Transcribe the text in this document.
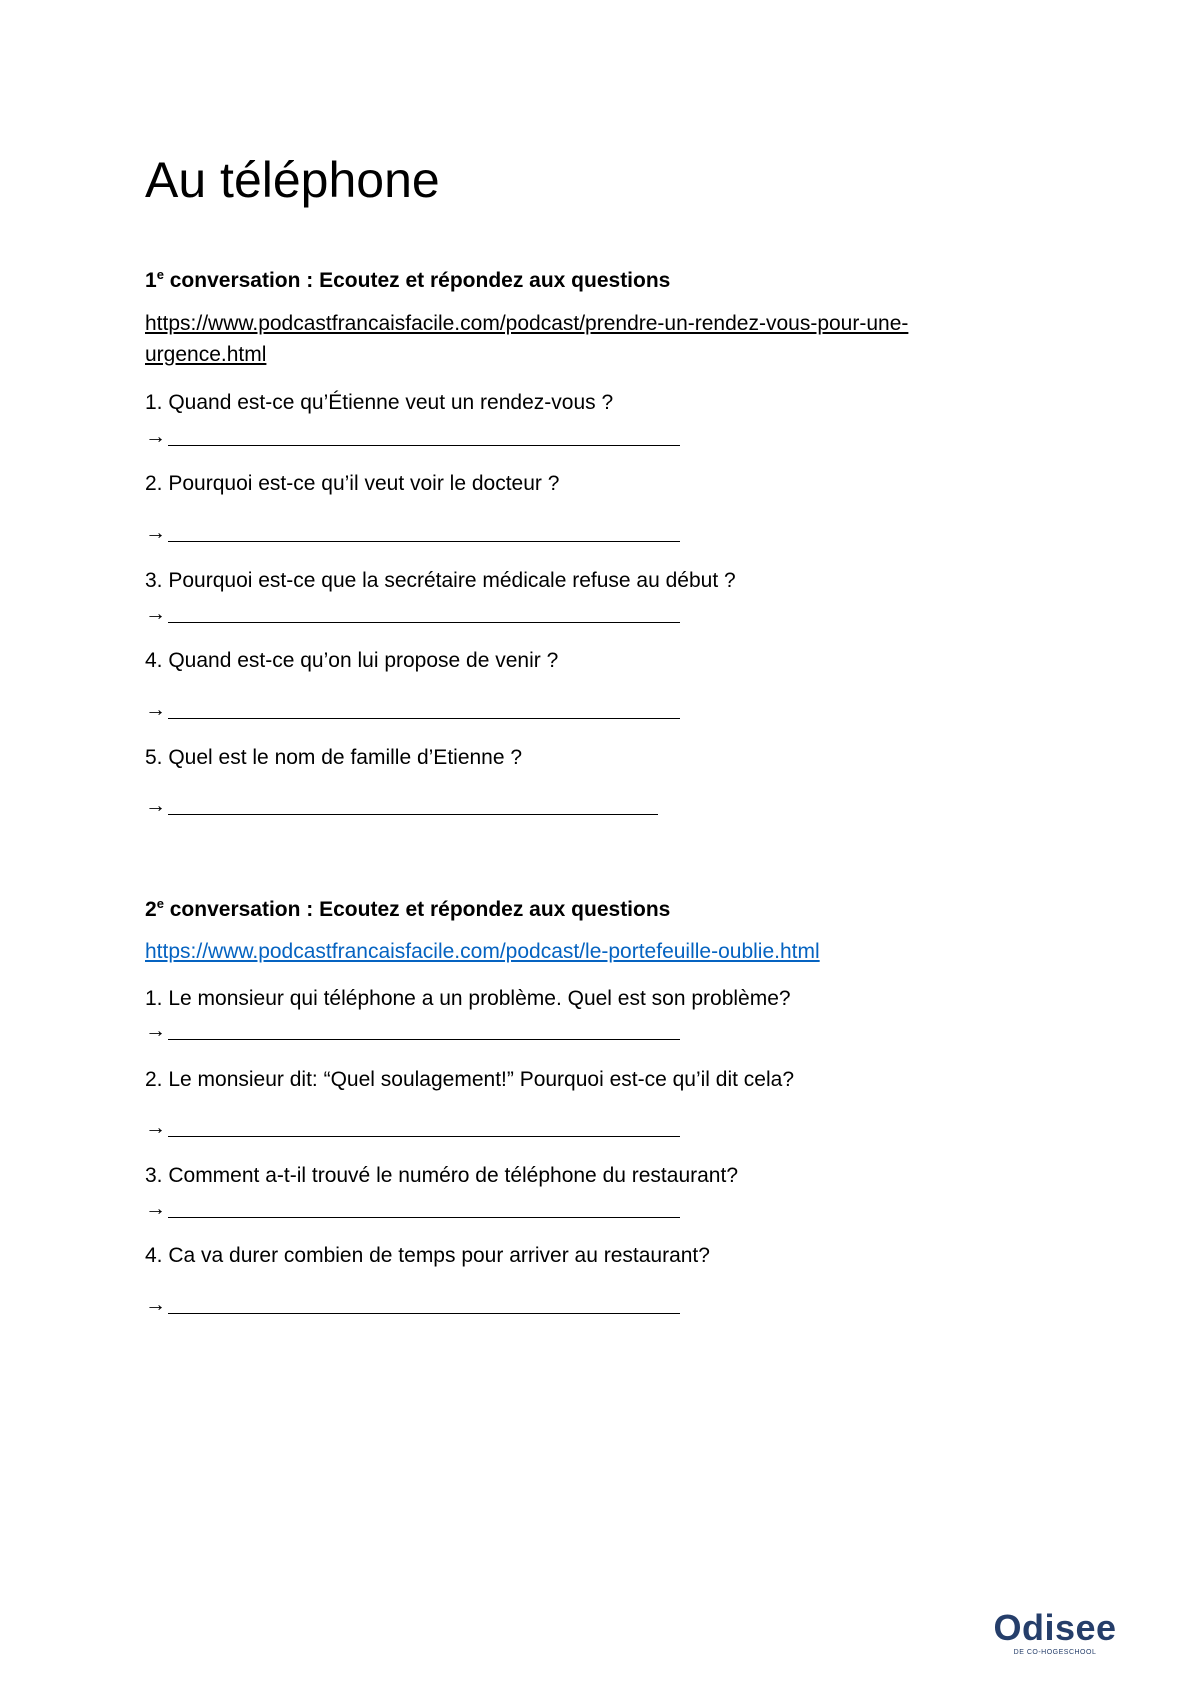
Au téléphone
1e conversation : Ecoutez et répondez aux questions
https://www.podcastfrancaisfacile.com/podcast/prendre-un-rendez-vous-pour-une-
urgence.html
1. Quand est-ce qu’Étienne veut un rendez-vous ?
→
2. Pourquoi est-ce qu’il veut voir le docteur ?
→
3. Pourquoi est-ce que la secrétaire médicale refuse au début ?
→
4. Quand est-ce qu’on lui propose de venir ?
→
5. Quel est le nom de famille d’Etienne ?
→
$2^e$ conversation : Ecoutez et répondez aux questions
https://www.podcastfrancaisfacile.com/podcast/le-portefeuille-oublie.html
1. Le monsieur qui téléphone a un problème. Quel est son problème?
→
2. Le monsieur dit: “Quel soulagement!” Pourquoi est-ce qu’il dit cela?
→
3. Comment a-t-il trouvé le numéro de téléphone du restaurant?
→
4. Ca va durer combien de temps pour arriver au restaurant?
→
Odisee
DE CO-HOGESCHOOL
